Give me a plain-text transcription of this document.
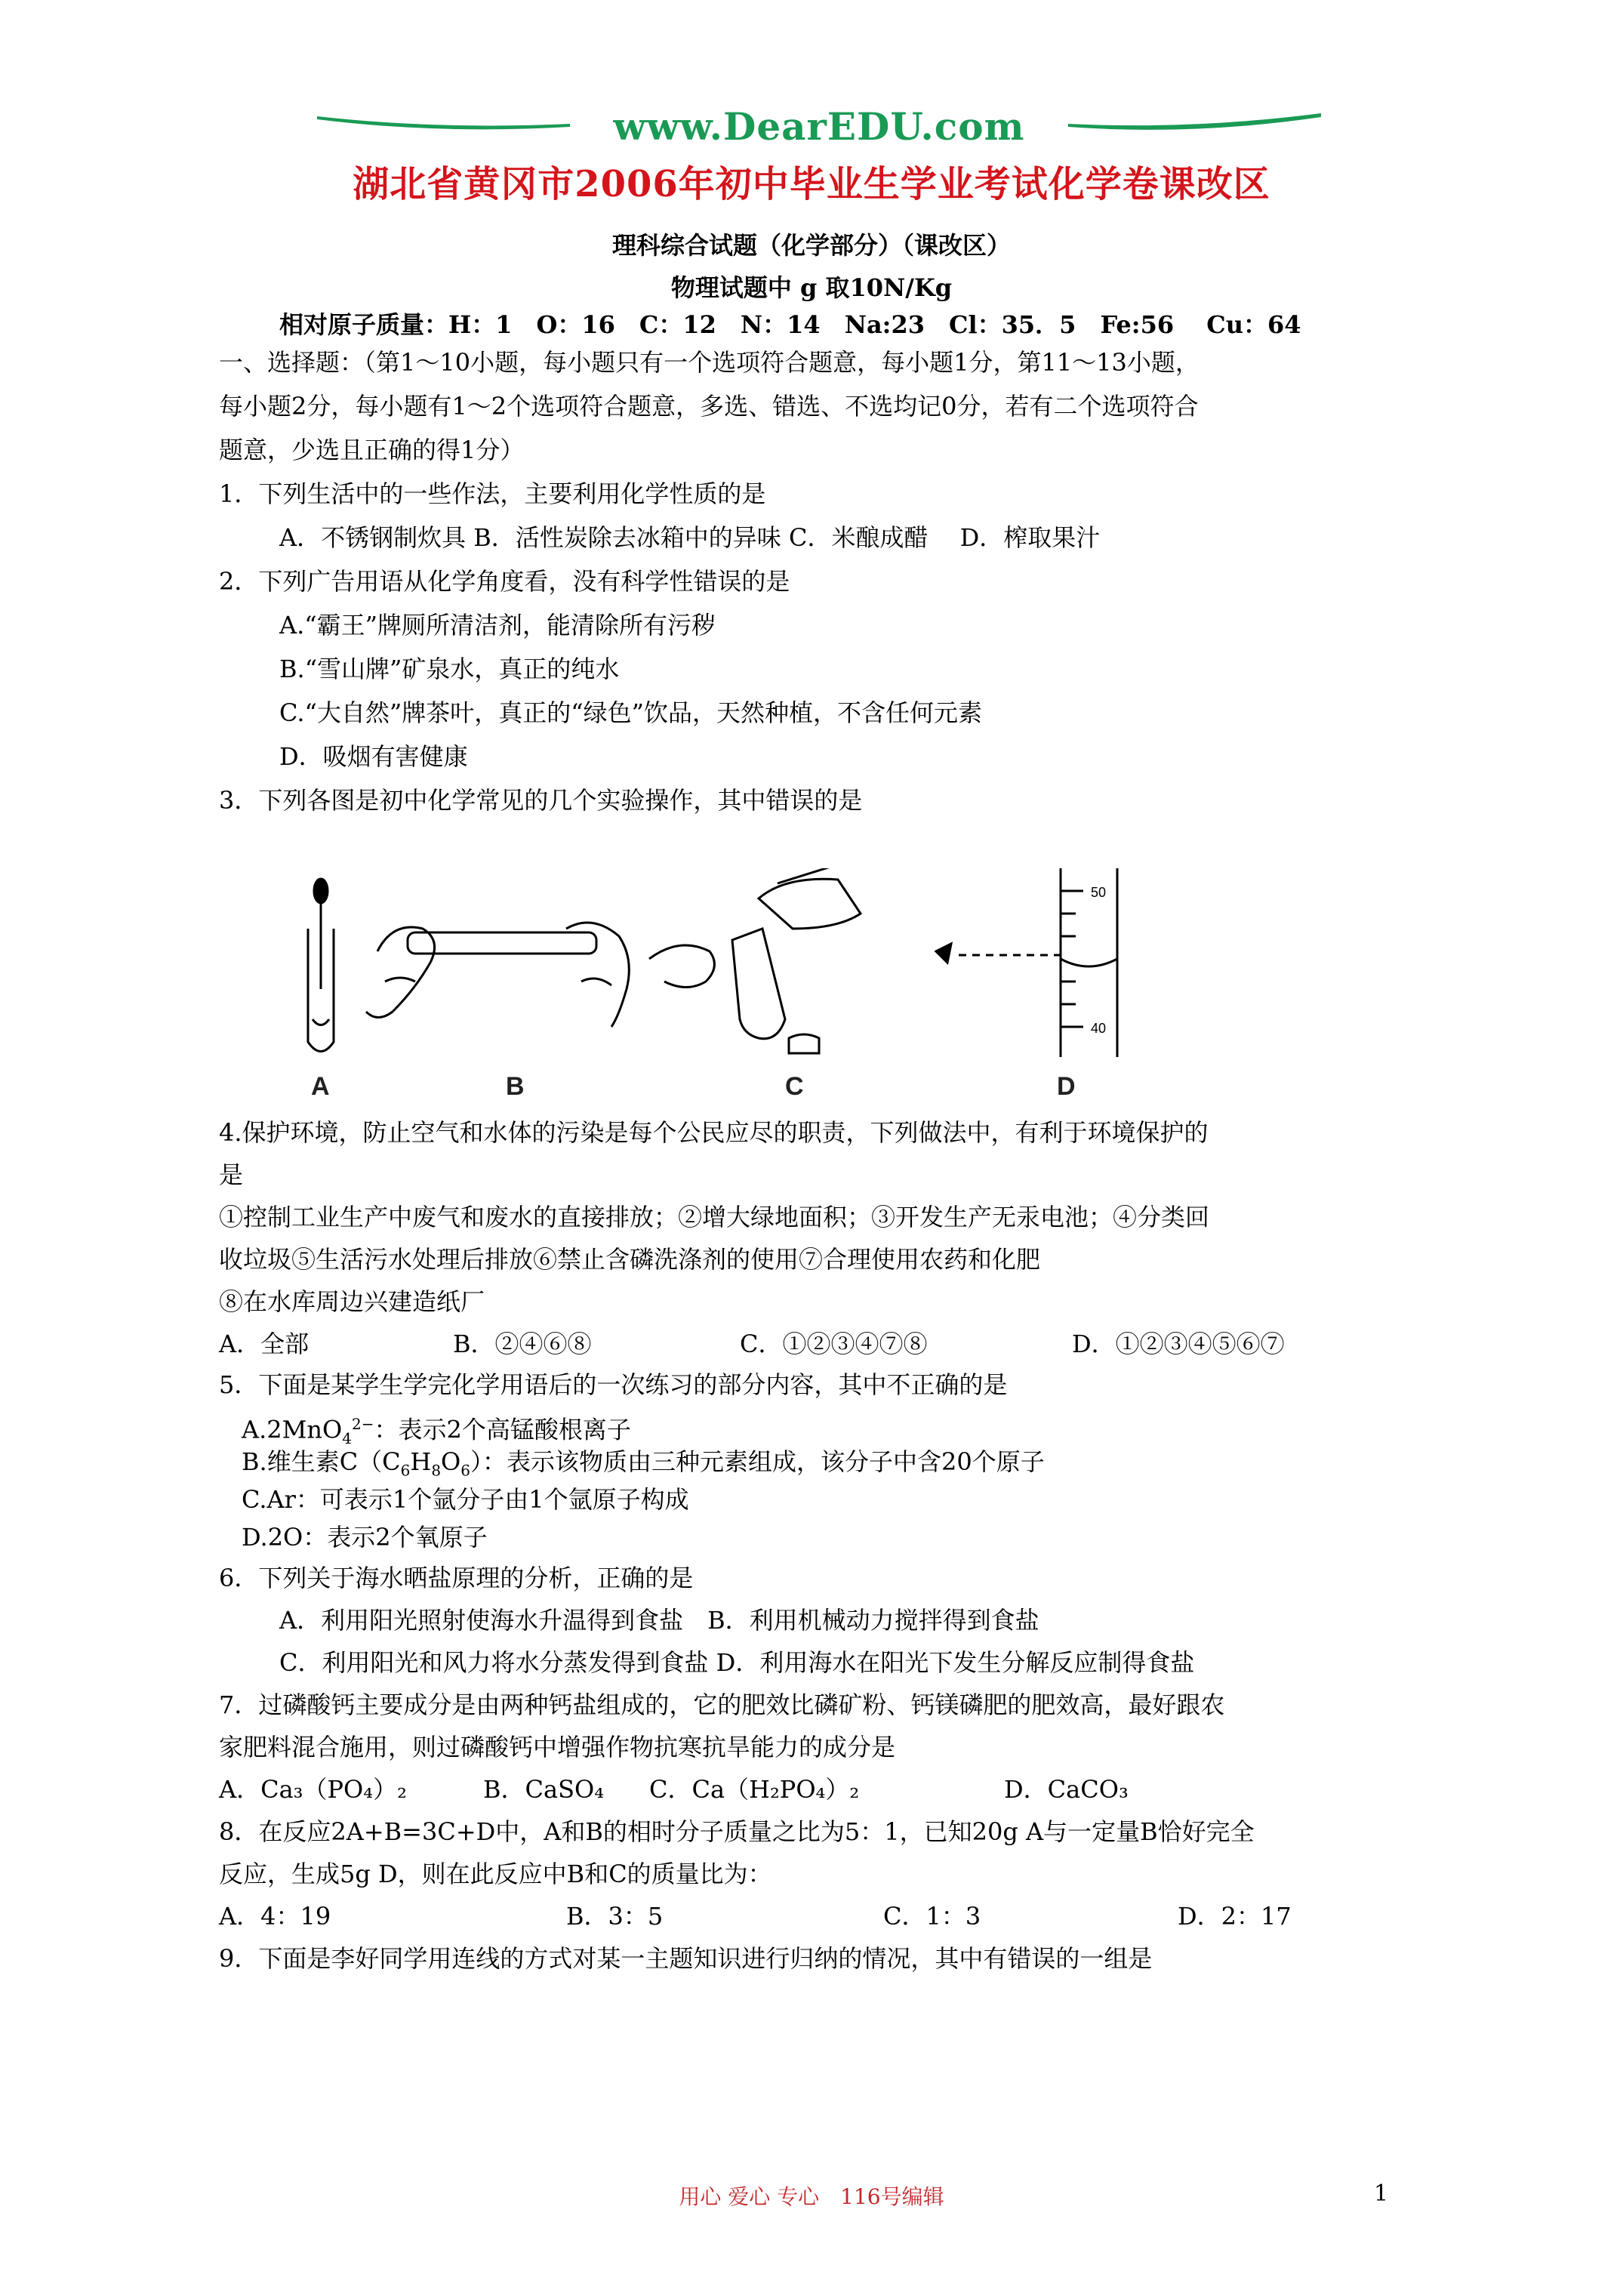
www.DearEDU.com
湖北省黄冈市2006年初中毕业生学业考试化学卷课改区
理科综合试题（化学部分）（课改区）
物理试题中 g 取10N/Kg
相对原子质量：H：1　O：16　C：12　N：14　Na:23　Cl：35．5　Fe:56　 Cu：64
一、选择题：（第1～10小题，每小题只有一个选项符合题意，每小题1分，第11～13小题，
每小题2分，每小题有1～2个选项符合题意，多选、错选、不选均记0分，若有二个选项符合
题意，少选且正确的得1分）
1．下列生活中的一些作法，主要利用化学性质的是
A．不锈钢制炊具 B．活性炭除去冰箱中的异味 C．米酿成醋　 D．榨取果汁
2．下列广告用语从化学角度看，没有科学性错误的是
A.“霸王”牌厕所清洁剂，能清除所有污秽
B.“雪山牌”矿泉水，真正的纯水
C.“大自然”牌茶叶，真正的“绿色”饮品，天然种植，不含任何元素
D．吸烟有害健康
3．下列各图是初中化学常见的几个实验操作，其中错误的是
50
40
A	B	C	D
4.保护环境，防止空气和水体的污染是每个公民应尽的职责，下列做法中，有利于环境保护的
是
①控制工业生产中废气和废水的直接排放；②增大绿地面积；③开发生产无汞电池；④分类回
收垃圾⑤生活污水处理后排放⑥禁止含磷洗涤剂的使用⑦合理使用农药和化肥
⑧在水库周边兴建造纸厂
A．全部	B．②④⑥⑧	C．①②③④⑦⑧	D．①②③④⑤⑥⑦
5．下面是某学生学完化学用语后的一次练习的部分内容，其中不正确的是
A.2MnO$_4^{2-}$：表示2个高锰酸根离子
B.维生素$C(C_6H_8O_6)$：表示该物质由三种元素组成，该分子中含20个原子
C.Ar：可表示1个氩分子由1个氩原子构成
D.2O：表示2个氧原子
6．下列关于海水晒盐原理的分析，正确的是
A．利用阳光照射使海水升温得到食盐　B．利用机械动力搅拌得到食盐
C．利用阳光和风力将水分蒸发得到食盐 D．利用海水在阳光下发生分解反应制得食盐
7．过磷酸钙主要成分是由两种钙盐组成的，它的肥效比磷矿粉、钙镁磷肥的肥效高，最好跟农
家肥料混合施用，则过磷酸钙中增强作物抗寒抗旱能力的成分是
A．Ca₃（PO₄）₂	B．CaSO₄ C．Ca（H₂PO₄）₂	D．CaCO₃
8．在反应2A+B=3C+D中，A和B的相时分子质量之比为5：1，已知20g A与一定量B恰好完全
反应，生成5g D，则在此反应中B和C的质量比为：
A．4：19	B．3：5	C．1：3	D．2：17
9．下面是李好同学用连线的方式对某一主题知识进行归纳的情况，其中有错误的一组是
用心 爱心 专心　116号编辑	1
